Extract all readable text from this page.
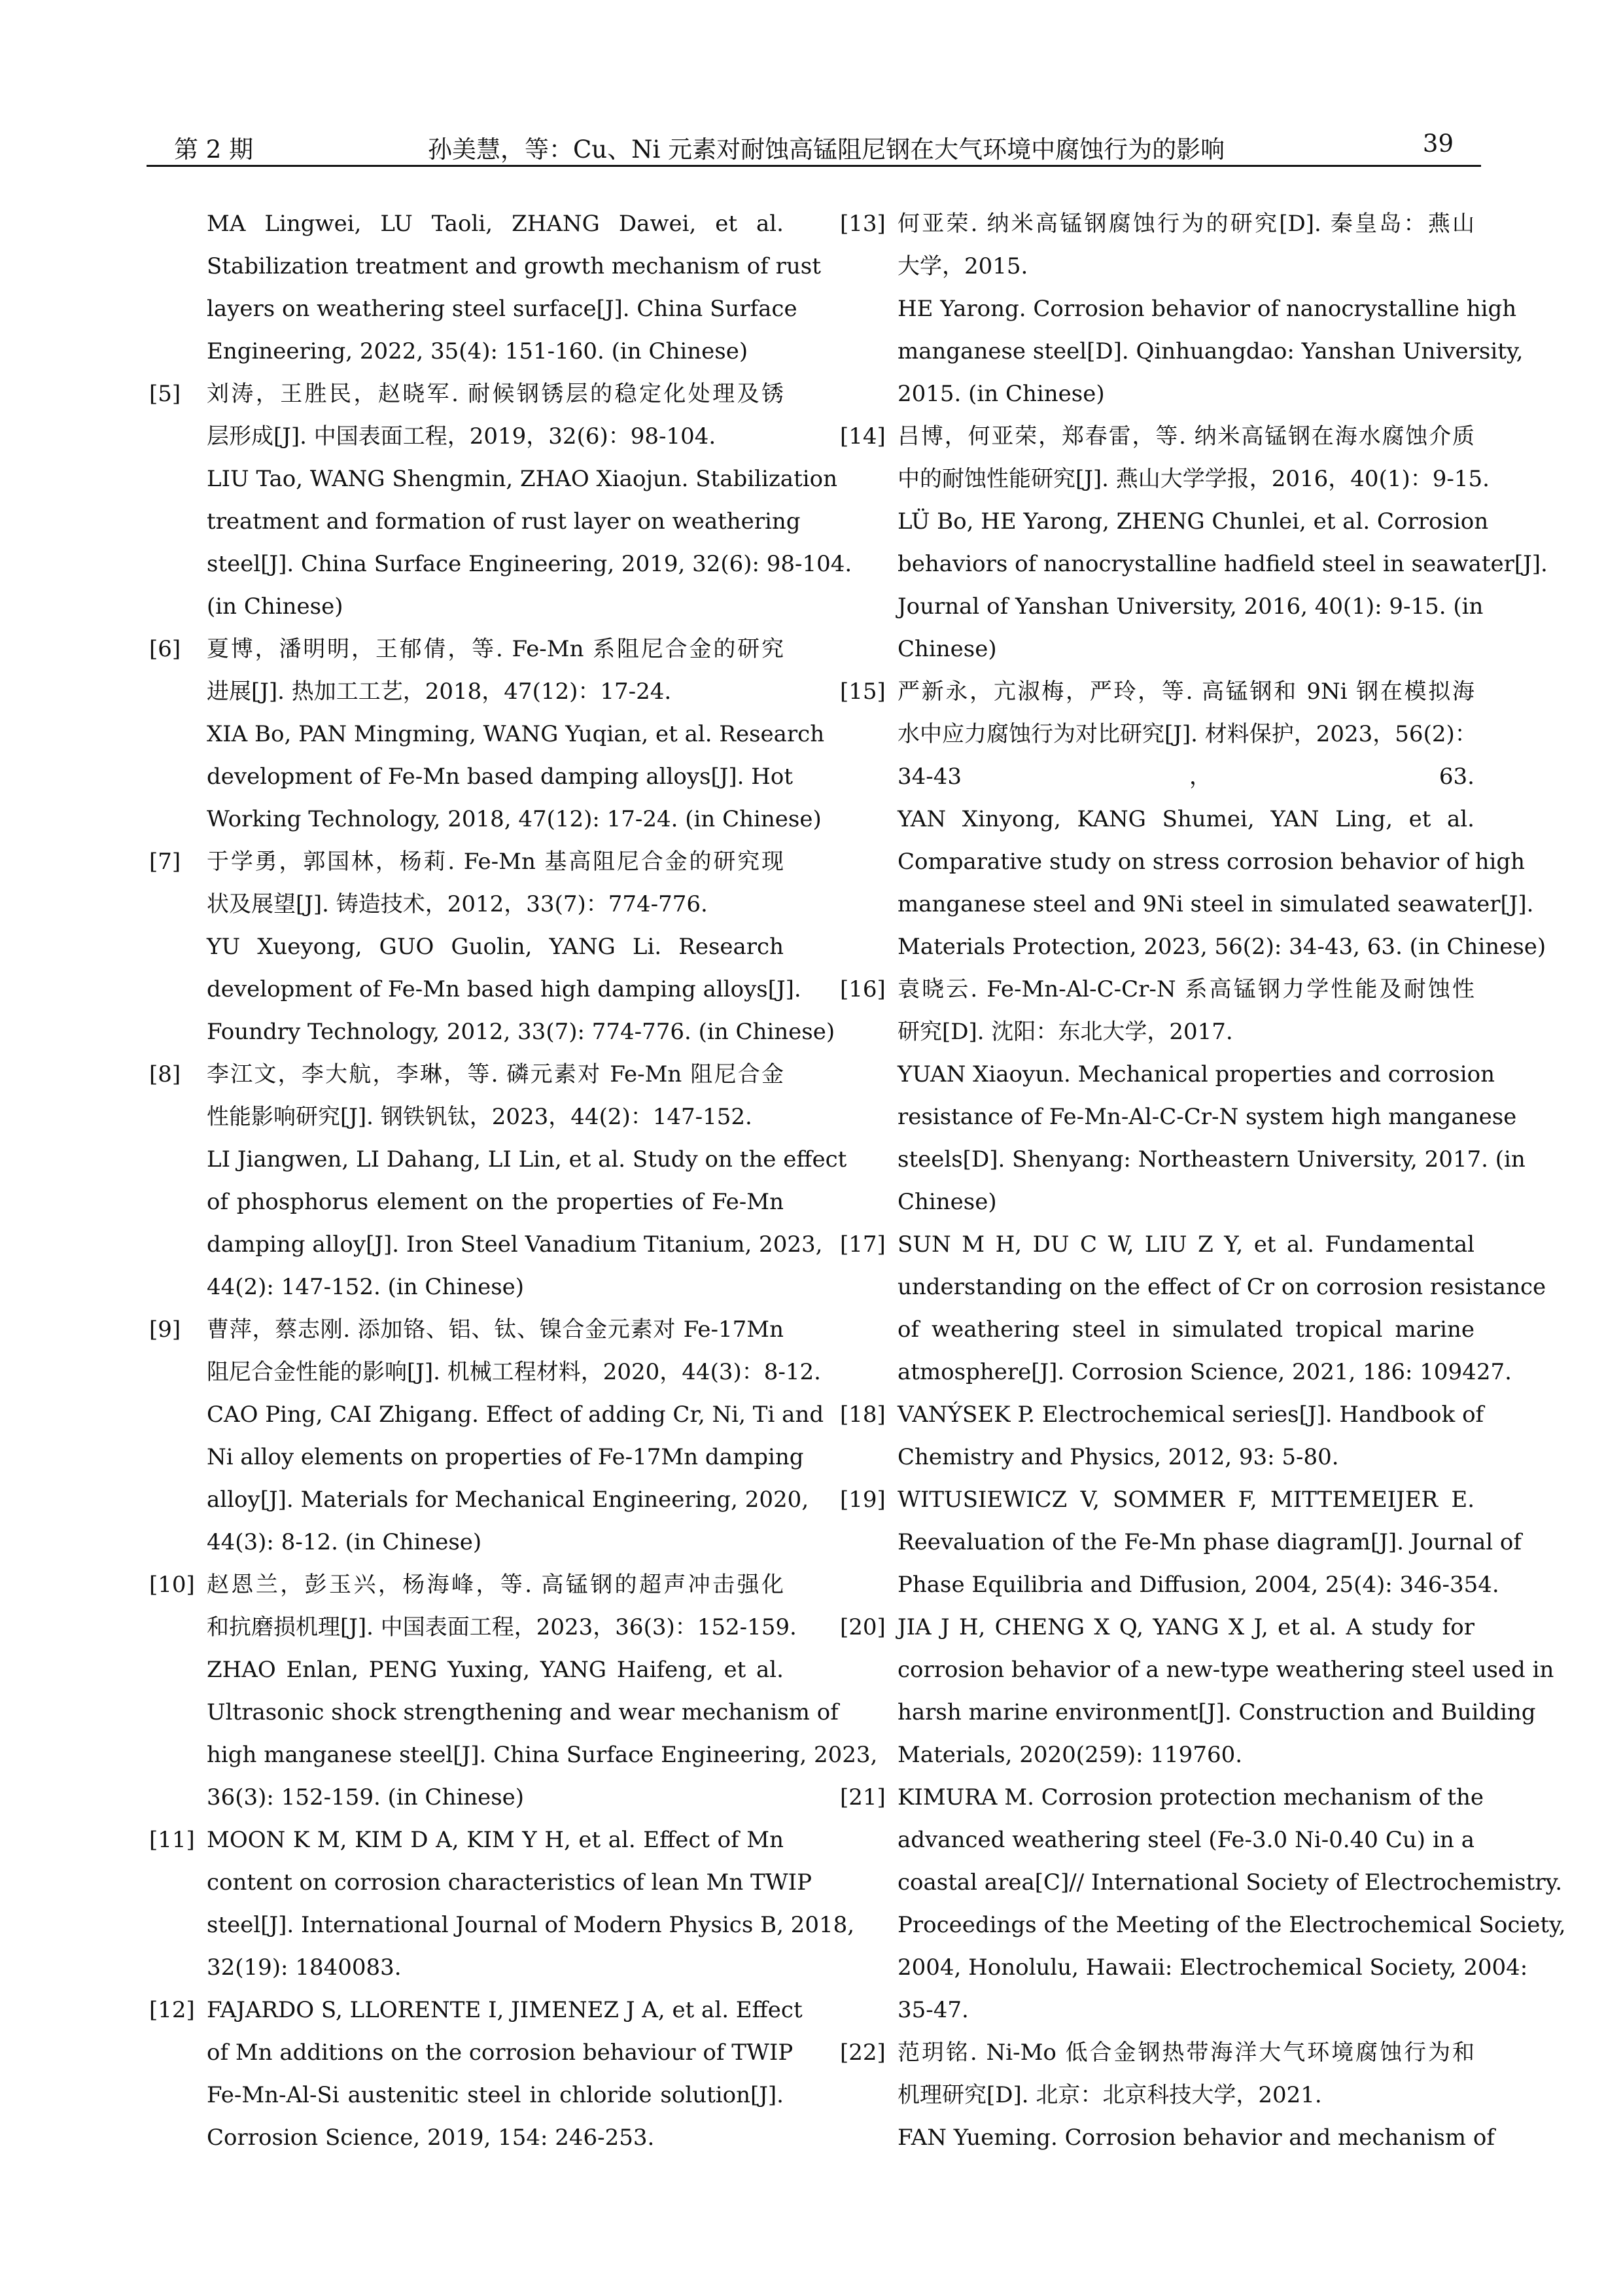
第 2 期	孙美慧，等：Cu、Ni 元素对耐蚀高锰阻尼钢在大气环境中腐蚀行为的影响	39
MA Lingwei, LU Taoli, ZHANG Dawei, et al.
Stabilization treatment and growth mechanism of rust
layers on weathering steel surface[J]. China Surface
Engineering, 2022, 35(4): 151-160. (in Chinese)
[5] 刘涛，王胜民，赵晓军. 耐候钢锈层的稳定化处理及锈
层形成[J]. 中国表面工程，2019，32(6)：98-104.
LIU Tao, WANG Shengmin, ZHAO Xiaojun. Stabilization
treatment and formation of rust layer on weathering
steel[J]. China Surface Engineering, 2019, 32(6): 98-104.
(in Chinese)
[6] 夏博，潘明明，王郁倩，等. Fe-Mn 系阻尼合金的研究
进展[J]. 热加工工艺，2018，47(12)：17-24.
XIA Bo, PAN Mingming, WANG Yuqian, et al. Research
development of Fe-Mn based damping alloys[J]. Hot
Working Technology, 2018, 47(12): 17-24. (in Chinese)
[7] 于学勇，郭国林，杨莉. Fe-Mn 基高阻尼合金的研究现
状及展望[J]. 铸造技术，2012，33(7)：774-776.
YU Xueyong, GUO Guolin, YANG Li. Research
development of Fe-Mn based high damping alloys[J].
Foundry Technology, 2012, 33(7): 774-776. (in Chinese)
[8] 李江文，李大航，李琳，等. 磷元素对 Fe-Mn 阻尼合金
性能影响研究[J]. 钢铁钒钛，2023，44(2)：147-152.
LI Jiangwen, LI Dahang, LI Lin, et al. Study on the effect
of phosphorus element on the properties of Fe-Mn
damping alloy[J]. Iron Steel Vanadium Titanium, 2023,
44(2): 147-152. (in Chinese)
[9] 曹萍，蔡志刚. 添加铬、铝、钛、镍合金元素对 Fe-17Mn
阻尼合金性能的影响[J]. 机械工程材料，2020，44(3)：8-12.
CAO Ping, CAI Zhigang. Effect of adding Cr, Ni, Ti and
Ni alloy elements on properties of Fe-17Mn damping
alloy[J]. Materials for Mechanical Engineering, 2020,
44(3): 8-12. (in Chinese)
[10] 赵恩兰，彭玉兴，杨海峰，等. 高锰钢的超声冲击强化
和抗磨损机理[J]. 中国表面工程，2023，36(3)：152-159.
ZHAO Enlan, PENG Yuxing, YANG Haifeng, et al.
Ultrasonic shock strengthening and wear mechanism of
high manganese steel[J]. China Surface Engineering, 2023,
36(3): 152-159. (in Chinese)
[11] MOON K M, KIM D A, KIM Y H, et al. Effect of Mn
content on corrosion characteristics of lean Mn TWIP
steel[J]. International Journal of Modern Physics B, 2018,
32(19): 1840083.
[12] FAJARDO S, LLORENTE I, JIMENEZ J A, et al. Effect
of Mn additions on the corrosion behaviour of TWIP
Fe-Mn-Al-Si austenitic steel in chloride solution[J].
Corrosion Science, 2019, 154: 246-253.
[13] 何亚荣. 纳米高锰钢腐蚀行为的研究[D]. 秦皇岛：燕山
大学，2015.
HE Yarong. Corrosion behavior of nanocrystalline high
manganese steel[D]. Qinhuangdao: Yanshan University,
2015. (in Chinese)
[14] 吕博，何亚荣，郑春雷，等. 纳米高锰钢在海水腐蚀介质
中的耐蚀性能研究[J]. 燕山大学学报，2016，40(1)：9-15.
LÜ Bo, HE Yarong, ZHENG Chunlei, et al. Corrosion
behaviors of nanocrystalline hadfield steel in seawater[J].
Journal of Yanshan University, 2016, 40(1): 9-15. (in
Chinese)
[15] 严新永，亢淑梅，严玲，等. 高锰钢和 9Ni 钢在模拟海
水中应力腐蚀行为对比研究[J]. 材料保护，2023，56(2)：
34-43，63.
YAN Xinyong, KANG Shumei, YAN Ling, et al.
Comparative study on stress corrosion behavior of high
manganese steel and 9Ni steel in simulated seawater[J].
Materials Protection, 2023, 56(2): 34-43, 63. (in Chinese)
[16] 袁晓云. Fe-Mn-Al-C-Cr-N 系高锰钢力学性能及耐蚀性
研究[D]. 沈阳：东北大学，2017.
YUAN Xiaoyun. Mechanical properties and corrosion
resistance of Fe-Mn-Al-C-Cr-N system high manganese
steels[D]. Shenyang: Northeastern University, 2017. (in
Chinese)
[17] SUN M H, DU C W, LIU Z Y, et al. Fundamental
understanding on the effect of Cr on corrosion resistance
of weathering steel in simulated tropical marine
atmosphere[J]. Corrosion Science, 2021, 186: 109427.
[18] VANÝSEK P. Electrochemical series[J]. Handbook of
Chemistry and Physics, 2012, 93: 5-80.
[19] WITUSIEWICZ V, SOMMER F, MITTEMEIJER E.
Reevaluation of the Fe-Mn phase diagram[J]. Journal of
Phase Equilibria and Diffusion, 2004, 25(4): 346-354.
[20] JIA J H, CHENG X Q, YANG X J, et al. A study for
corrosion behavior of a new-type weathering steel used in
harsh marine environment[J]. Construction and Building
Materials, 2020(259): 119760.
[21] KIMURA M. Corrosion protection mechanism of the
advanced weathering steel (Fe-3.0 Ni-0.40 Cu) in a
coastal area[C]// International Society of Electrochemistry.
Proceedings of the Meeting of the Electrochemical Society,
2004, Honolulu, Hawaii: Electrochemical Society, 2004:
35-47.
[22] 范玥铭. Ni-Mo 低合金钢热带海洋大气环境腐蚀行为和
机理研究[D]. 北京：北京科技大学，2021.
FAN Yueming. Corrosion behavior and mechanism of
